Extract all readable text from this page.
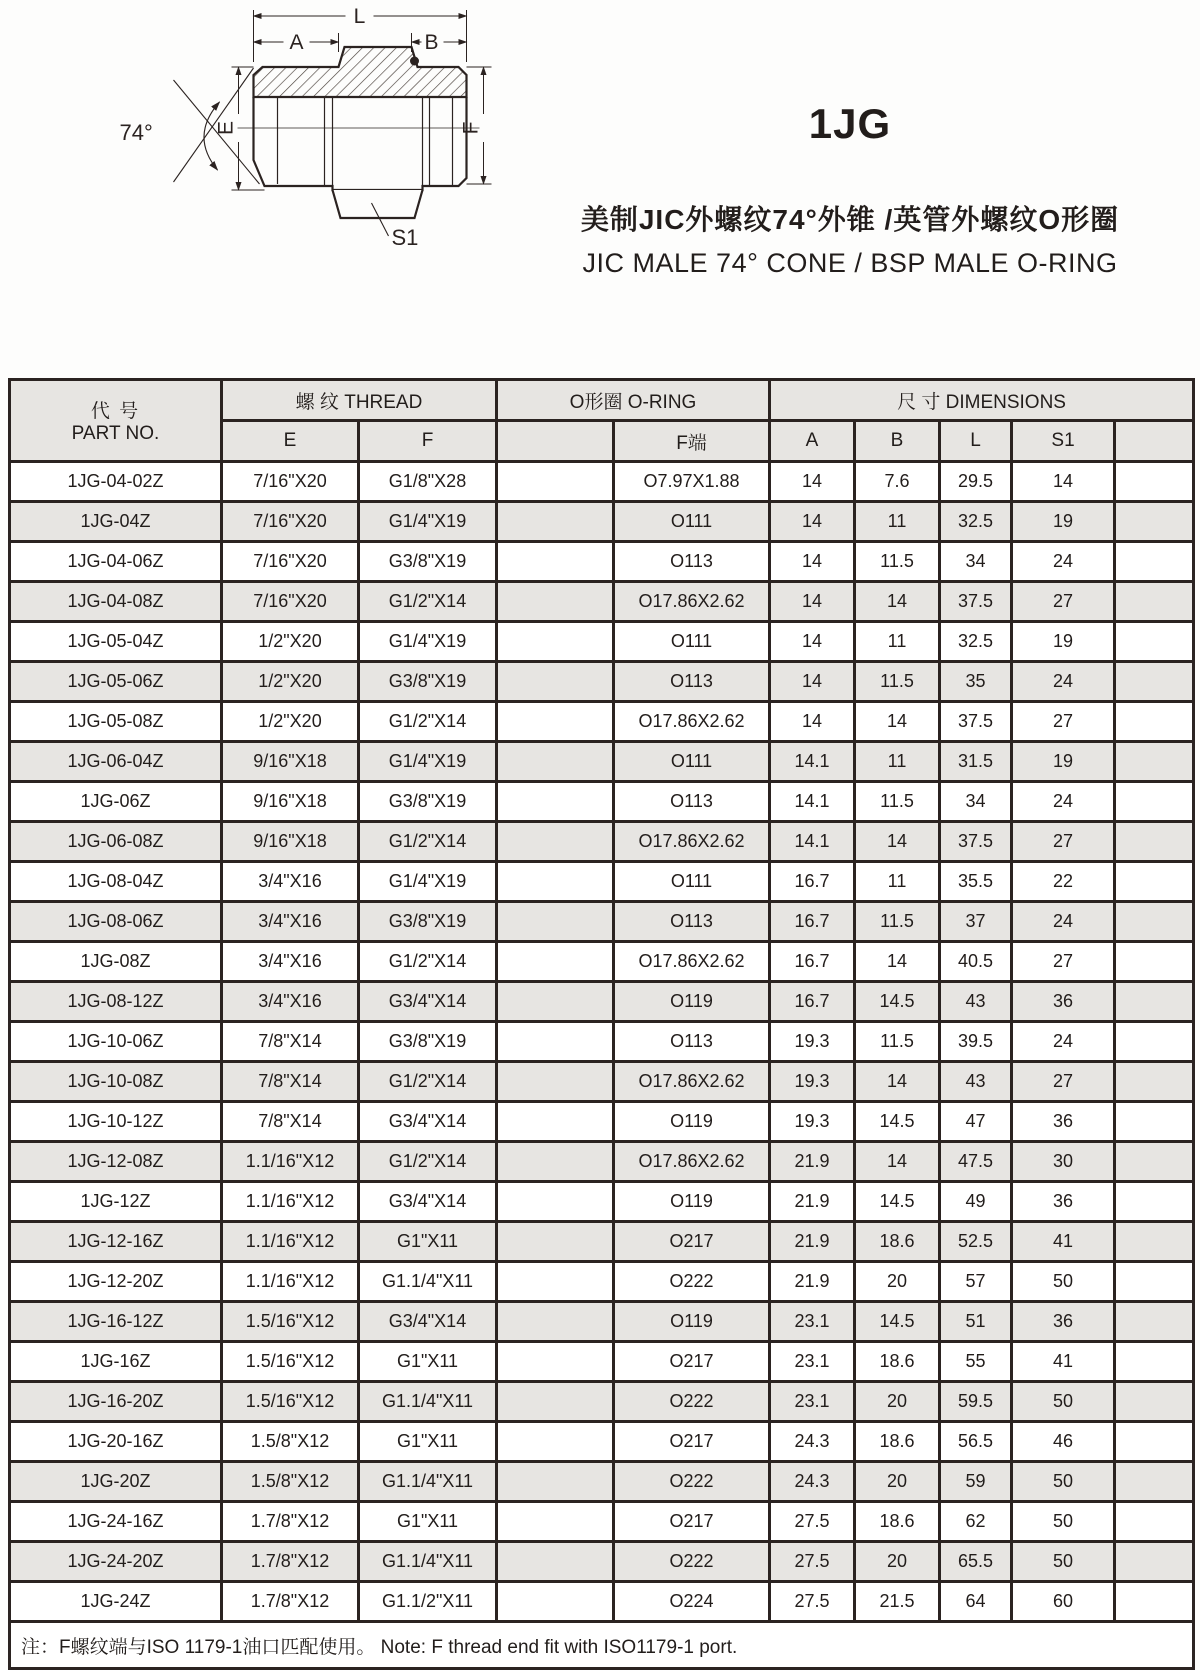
L
A	B
E	F
74°
S1
1JG
美制JIC外螺纹74°外锥 /英管外螺纹O形圈
JIC MALE 74° CONE / BSP MALE O-RING
代 号
PART NO.	螺 纹 THREAD		O形圈 O-RING		尺 寸 DIMENSIONS				
	E	F		F端	A	B	L	S1	
1JG-04-02Z	7/16"X20	G1/8"X28		O7.97X1.88	14	7.6	29.5	14	
1JG-04Z	7/16"X20	G1/4"X19		O111	14	11	32.5	19	
1JG-04-06Z	7/16"X20	G3/8"X19		O113	14	11.5	34	24	
1JG-04-08Z	7/16"X20	G1/2"X14		O17.86X2.62	14	14	37.5	27	
1JG-05-04Z	1/2"X20	G1/4"X19		O111	14	11	32.5	19	
1JG-05-06Z	1/2"X20	G3/8"X19		O113	14	11.5	35	24	
1JG-05-08Z	1/2"X20	G1/2"X14		O17.86X2.62	14	14	37.5	27	
1JG-06-04Z	9/16"X18	G1/4"X19		O111	14.1	11	31.5	19	
1JG-06Z	9/16"X18	G3/8"X19		O113	14.1	11.5	34	24	
1JG-06-08Z	9/16"X18	G1/2"X14		O17.86X2.62	14.1	14	37.5	27	
1JG-08-04Z	3/4"X16	G1/4"X19		O111	16.7	11	35.5	22	
1JG-08-06Z	3/4"X16	G3/8"X19		O113	16.7	11.5	37	24	
1JG-08Z	3/4"X16	G1/2"X14		O17.86X2.62	16.7	14	40.5	27	
1JG-08-12Z	3/4"X16	G3/4"X14		O119	16.7	14.5	43	36	
1JG-10-06Z	7/8"X14	G3/8"X19		O113	19.3	11.5	39.5	24	
1JG-10-08Z	7/8"X14	G1/2"X14		O17.86X2.62	19.3	14	43	27	
1JG-10-12Z	7/8"X14	G3/4"X14		O119	19.3	14.5	47	36	
1JG-12-08Z	1.1/16"X12	G1/2"X14		O17.86X2.62	21.9	14	47.5	30	
1JG-12Z	1.1/16"X12	G3/4"X14		O119	21.9	14.5	49	36	
1JG-12-16Z	1.1/16"X12	G1"X11		O217	21.9	18.6	52.5	41	
1JG-12-20Z	1.1/16"X12	G1.1/4"X11		O222	21.9	20	57	50	
1JG-16-12Z	1.5/16"X12	G3/4"X14		O119	23.1	14.5	51	36	
1JG-16Z	1.5/16"X12	G1"X11		O217	23.1	18.6	55	41	
1JG-16-20Z	1.5/16"X12	G1.1/4"X11		O222	23.1	20	59.5	50	
1JG-20-16Z	1.5/8"X12	G1"X11		O217	24.3	18.6	56.5	46	
1JG-20Z	1.5/8"X12	G1.1/4"X11		O222	24.3	20	59	50	
1JG-24-16Z	1.7/8"X12	G1"X11		O217	27.5	18.6	62	50	
1JG-24-20Z	1.7/8"X12	G1.1/4"X11		O222	27.5	20	65.5	50	
1JG-24Z	1.7/8"X12	G1.1/2"X11		O224	27.5	21.5	64	60	
注：F螺纹端与ISO 1179-1油口匹配使用。 Note: F thread end fit with ISO1179-1 port.									
